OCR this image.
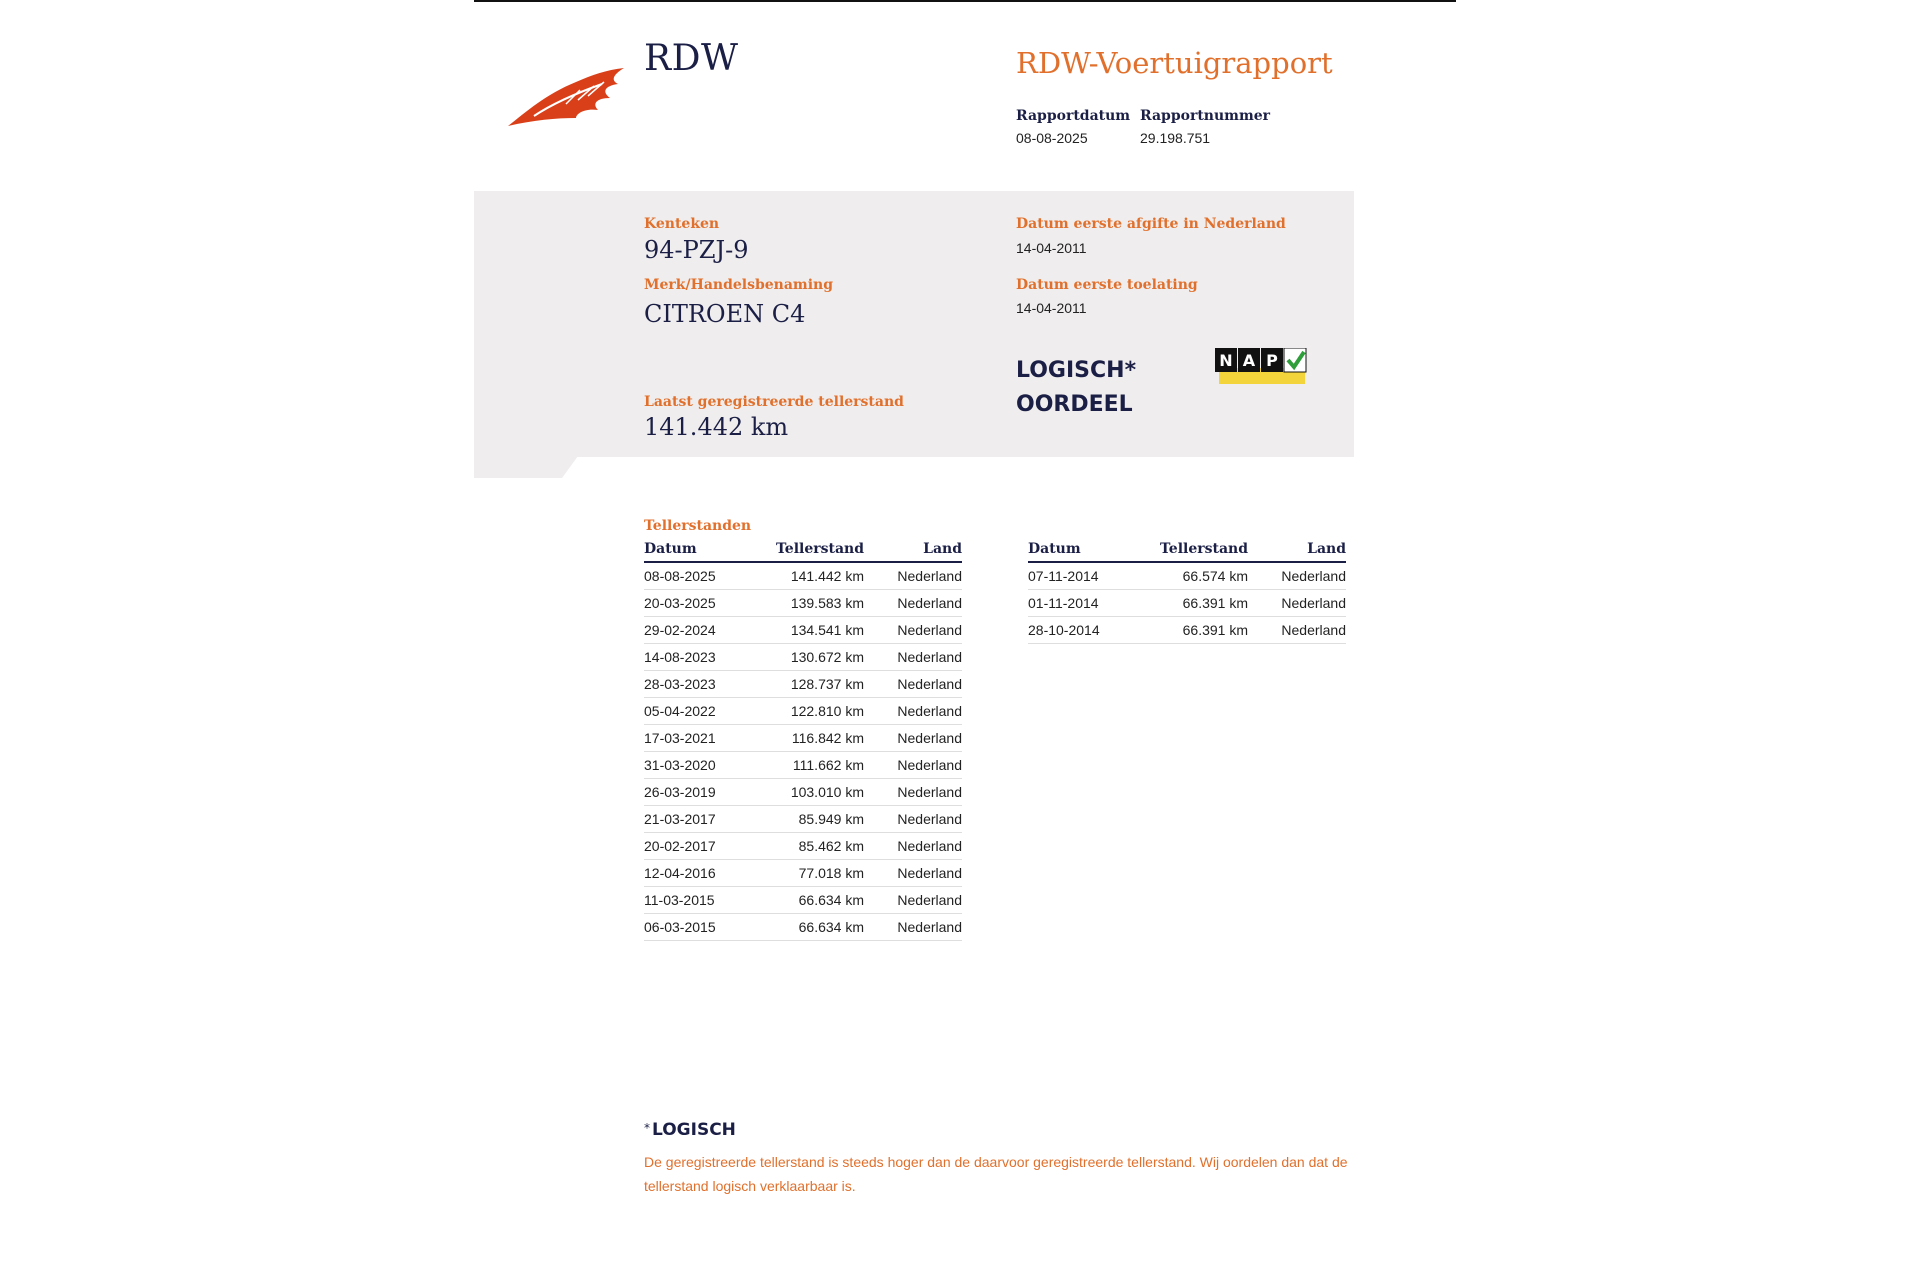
RDW	RDW-Voertuigrapport
Rapportdatum
08-08-2025
Rapportnummer
29.198.751
Kenteken
94-PZJ-9
Merk/Handelsbenaming
CITROEN C4
Laatst geregistreerde tellerstand
141.442 km
Datum eerste afgifte in Nederland
14-04-2011
Datum eerste toelating
14-04-2011
LOGISCH*
OORDEEL
N A P
Tellerstanden
Datum	Tellerstand	Land
08-08-2025	141.442 km	Nederland
20-03-2025	139.583 km	Nederland
29-02-2024	134.541 km	Nederland
14-08-2023	130.672 km	Nederland
28-03-2023	128.737 km	Nederland
05-04-2022	122.810 km	Nederland
17-03-2021	116.842 km	Nederland
31-03-2020	111.662 km	Nederland
26-03-2019	103.010 km	Nederland
21-03-2017	85.949 km	Nederland
20-02-2017	85.462 km	Nederland
12-04-2016	77.018 km	Nederland
11-03-2015	66.634 km	Nederland
06-03-2015	66.634 km	Nederland
Datum	Tellerstand	Land
07-11-2014	66.574 km	Nederland
01-11-2014	66.391 km	Nederland
28-10-2014	66.391 km	Nederland
* LOGISCH
De geregistreerde tellerstand is steeds hoger dan de daarvoor geregistreerde tellerstand. Wij oordelen dan dat de tellerstand logisch verklaarbaar is.
